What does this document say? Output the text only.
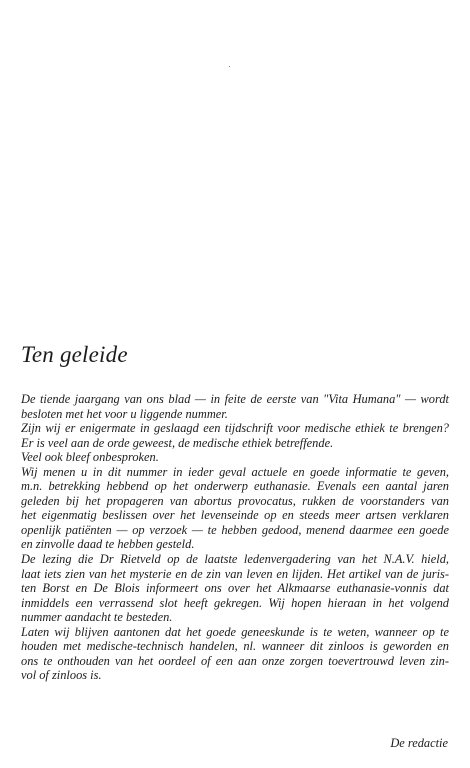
Ten geleide
De tiende jaargang van ons blad — in feite de eerste van "Vita Humana" — wordt
besloten met het voor u liggende nummer.
Zijn wij er enigermate in geslaagd een tijdschrift voor medische ethiek te brengen?
Er is veel aan de orde geweest, de medische ethiek betreffende.
Veel ook bleef onbesproken.
Wij menen u in dit nummer in ieder geval actuele en goede informatie te geven,
m.n. betrekking hebbend op het onderwerp euthanasie. Evenals een aantal jaren
geleden bij het propageren van abortus provocatus, rukken de voorstanders van
het eigenmatig beslissen over het levenseinde op en steeds meer artsen verklaren
openlijk patiënten — op verzoek — te hebben gedood, menend daarmee een goede
en zinvolle daad te hebben gesteld.
De lezing die Dr Rietveld op de laatste ledenvergadering van het N.A.V. hield,
laat iets zien van het mysterie en de zin van leven en lijden. Het artikel van de juris-
ten Borst en De Blois informeert ons over het Alkmaarse euthanasie-vonnis dat
inmiddels een verrassend slot heeft gekregen. Wij hopen hieraan in het volgend
nummer aandacht te besteden.
Laten wij blijven aantonen dat het goede geneeskunde is te weten, wanneer op te
houden met medische-technisch handelen, nl. wanneer dit zinloos is geworden en
ons te onthouden van het oordeel of een aan onze zorgen toevertrouwd leven zin-
vol of zinloos is.
De redactie
